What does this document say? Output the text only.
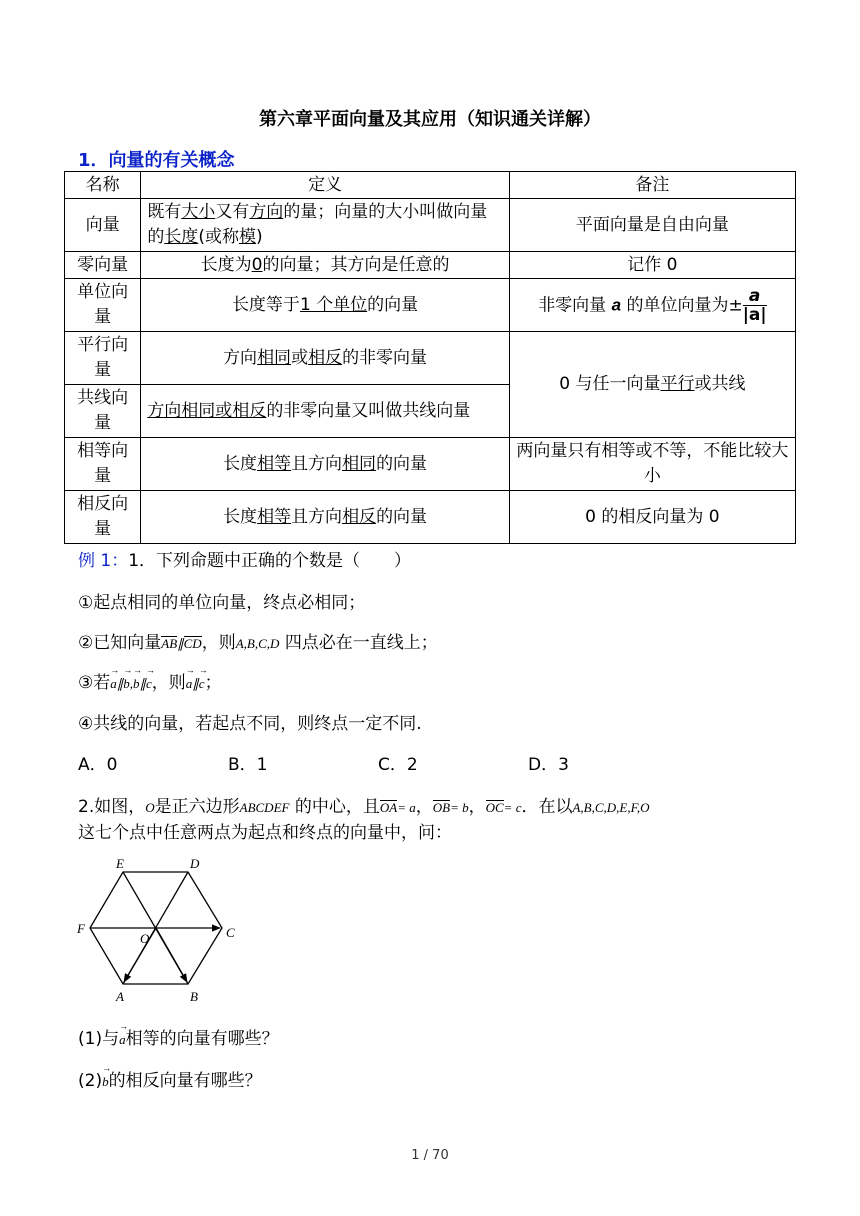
第六章平面向量及其应用（知识通关详解）
1．向量的有关概念
名称	定义	备注
向量	既有大小又有方向的量；向量的大小叫做向量的长度(或称模)	平面向量是自由向量
零向量	长度为0的向量；其方向是任意的	记作 0
单位向量	长度等于1 个单位的向量	非零向量 a 的单位向量为± $\frac{a}{|a|}$

平行向量	方向相同或相反的非零向量	0 与任一向量平行或共线
共线向量	方向相同或相反的非零向量又叫做共线向量	
相等向量	长度相等且方向相同的向量	两向量只有相等或不等，不能比较大小
相反向量	长度相等且方向相反的向量	0 的相反向量为 0
例 1：1．下列命题中正确的个数是（　　）
①起点相同的单位向量，终点必相同；
②已知向量AB∥CD，则A,B,C,D 四点必在一直线上；
③若→ a∥→ b,→ b∥→ c，则→ a∥→ c；
④共线的向量，若起点不同，则终点一定不同.
A．0	B．1	C．2	D．3
2.如图，O是正六边形ABCDEF 的中心，且OA= a，OB= b，OC= c．在以A,B,C,D,E,F,O
这七个点中任意两点为起点和终点的向量中，问：
E	D
F
O	C
A	B
(1)与→ a相等的向量有哪些？
(2)→ b的相反向量有哪些？
1 / 70
